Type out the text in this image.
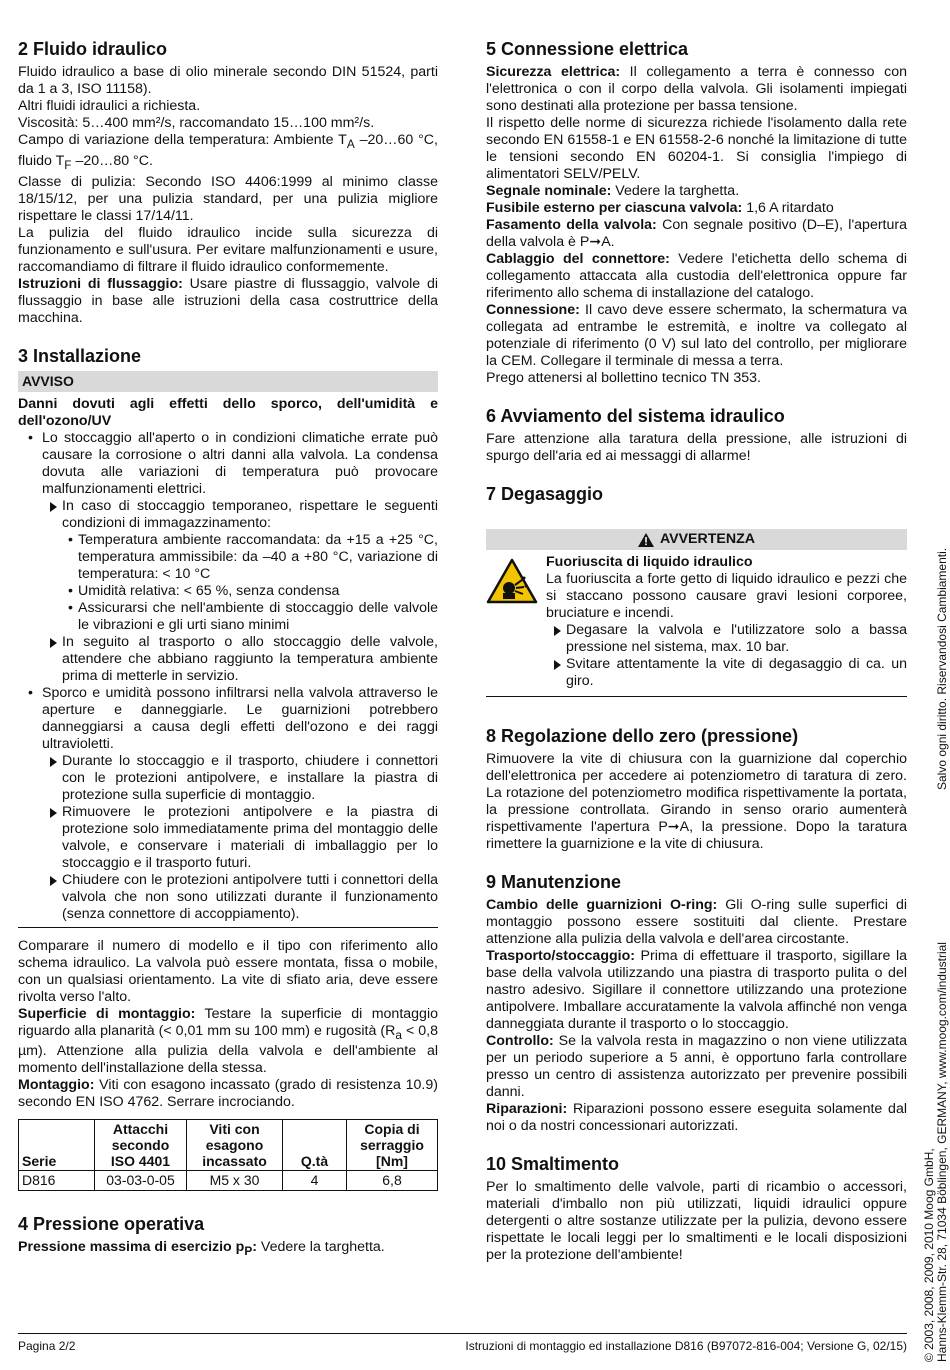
2 Fluido idraulico

Fluido idraulico a base di olio minerale secondo DIN 51524, parti da 1 a 3, ISO 11158).

Altri fluidi idraulici a richiesta.

Viscosità: 5…400 mm²/s, raccomandato 15…100 mm²/s.

Campo di variazione della temperatura: Ambiente $T_A$ –20…60 °C, fluido $T_F$ –20…80 °C.

Classe di pulizia: Secondo ISO 4406:1999 al minimo classe 18/15/12, per una pulizia standard, per una pulizia migliore rispettare le classi 17/14/11.

La pulizia del fluido idraulico incide sulla sicurezza di funzionamento e sull'usura. Per evitare malfunzionamenti e usure, raccomandiamo di filtrare il fluido idraulico conformemente.

Istruzioni di flussaggio: Usare piastre di flussaggio, valvole di flussaggio in base alle istruzioni della casa costruttrice della macchina.

3 Installazione
AVVISO

Danni dovuti agli effetti dello sporco, dell'umidità e dell'ozono/UV

• Lo stoccaggio all'aperto o in condizioni climatiche errate può causare la corrosione o altri danni alla valvola. La condensa dovuta alle variazioni di temperatura può provocare malfunzionamenti elettrici.
In caso di stoccaggio temporaneo, rispettare le seguenti condizioni di immagazzinamento:
• Temperatura ambiente raccomandata: da +15 a +25 °C, temperatura ammissibile: da –40 a +80 °C, variazione di temperatura: < 10 °C
• Umidità relativa: < 65 %, senza condensa
• Assicurarsi che nell'ambiente di stoccaggio delle valvole le vibrazioni e gli urti siano minimi
In seguito al trasporto o allo stoccaggio delle valvole, attendere che abbiano raggiunto la temperatura ambiente prima di metterle in servizio.
• Sporco e umidità possono infiltrarsi nella valvola attraverso le aperture e danneggiarle. Le guarnizioni potrebbero danneggiarsi a causa degli effetti dell'ozono e dei raggi ultravioletti.
Durante lo stoccaggio e il trasporto, chiudere i connettori con le protezioni antipolvere, e installare la piastra di protezione sulla superficie di montaggio.
Rimuovere le protezioni antipolvere e la piastra di protezione solo immediatamente prima del montaggio delle valvole, e conservare i materiali di imballaggio per lo stoccaggio e il trasporto futuri.
Chiudere con le protezioni antipolvere tutti i connettori della valvola che non sono utilizzati durante il funzionamento (senza connettore di accoppiamento).

Comparare il numero di modello e il tipo con riferimento allo schema idraulico. La valvola può essere montata, fissa o mobile, con un qualsiasi orientamento. La vite di sfiato aria, deve essere rivolta verso l'alto.

Superficie di montaggio: Testare la superficie di montaggio riguardo alla planarità (< 0,01 mm su 100 mm) e rugosità ($R_a < 0,8$ µm). Attenzione alla pulizia della valvola e dell'ambiente al momento dell'installazione della stessa.

Montaggio: Viti con esagono incassato (grado di resistenza 10.9) secondo EN ISO 4762. Serrare incrociando.

Serie	Attacchi secondo ISO 4401	Viti con esagono incassato	Q.tà	Copia di serraggio [Nm]
D816	03-03-0-05	M5 x 30	4	6,8
4 Pressione operativa

Pressione massima di esercizio $p_P$: Vedere la targhetta.

5 Connessione elettrica

Sicurezza elettrica: Il collegamento a terra è connesso con l'elettronica o con il corpo della valvola. Gli isolamenti impiegati sono destinati alla protezione per bassa tensione.

Il rispetto delle norme di sicurezza richiede l'isolamento dalla rete secondo EN 61558-1 e EN 61558-2-6 nonché la limitazione di tutte le tensioni secondo EN 60204-1. Si consiglia l'impiego di alimentatori SELV/PELV.

Segnale nominale: Vedere la targhetta.

Fusibile esterno per ciascuna valvola: 1,6 A ritardato

Fasamento della valvola: Con segnale positivo (D–E), l'apertura della valvola è P➞A.

Cablaggio del connettore: Vedere l'etichetta dello schema di collegamento attaccata alla custodia dell'elettronica oppure far riferimento allo schema di installazione del catalogo.

Connessione: Il cavo deve essere schermato, la schermatura va collegata ad entrambe le estremità, e inoltre va collegato al potenziale di riferimento (0 V) sul lato del controllo, per migliorare la CEM. Collegare il terminale di messa a terra.

Prego attenersi al bollettino tecnico TN 353.

6 Avviamento del sistema idraulico

Fare attenzione alla taratura della pressione, alle istruzioni di spurgo dell'aria ed ai messaggi di allarme!

7 Degasaggio
AVVERTENZA

Fuoriuscita di liquido idraulico

La fuoriuscita a forte getto di liquido idraulico e pezzi che si staccano possono causare gravi lesioni corporee, bruciature e incendi.

Degasare la valvola e l'utilizzatore solo a bassa pressione nel sistema, max. 10 bar.
Svitare attentamente la vite di degasaggio di ca. un giro.
8 Regolazione dello zero (pressione)

Rimuovere la vite di chiusura con la guarnizione dal coperchio dell'elettronica per accedere ai potenziometro di taratura di zero. La rotazione del potenziometro modifica rispettivamente la portata, la pressione controllata. Girando in senso orario aumenterà rispettivamente l'apertura P➞A, la pressione. Dopo la taratura rimettere la guarnizione e la vite di chiusura.

9 Manutenzione

Cambio delle guarnizioni O-ring: Gli O-ring sulle superfici di montaggio possono essere sostituiti dal cliente. Prestare attenzione alla pulizia della valvola e dell'area circostante.

Trasporto/stoccaggio: Prima di effettuare il trasporto, sigillare la base della valvola utilizzando una piastra di trasporto pulita o del nastro adesivo. Sigillare il connettore utilizzando una protezione antipolvere. Imballare accuratamente la valvola affinché non venga danneggiata durante il trasporto o lo stoccaggio.

Controllo: Se la valvola resta in magazzino o non viene utilizzata per un periodo superiore a 5 anni, è opportuno farla controllare presso un centro di assistenza autorizzato per prevenire possibili danni.

Riparazioni: Riparazioni possono essere eseguita solamente dal noi o da nostri concessionari autorizzati.

10 Smaltimento

Per lo smaltimento delle valvole, parti di ricambio o accessori, materiali d'imballo non più utilizzati, liquidi idraulici oppure detergenti o altre sostanze utilizzate per la pulizia, devono essere rispettate le locali leggi per lo smaltimenti e le locali disposizioni per la protezione dell'ambiente!

Pagina 2/2	Istruzioni di montaggio ed installazione D816 (B97072-816-004; Versione G, 02/15)
Salvo ogni diritto. Riservandosi Cambiamenti.
© 2003, 2008, 2009, 2010 Moog GmbH, Hanns-Klemm-Str. 28, 71034 Böblingen, GERMANY, www.moog.com/industrial
